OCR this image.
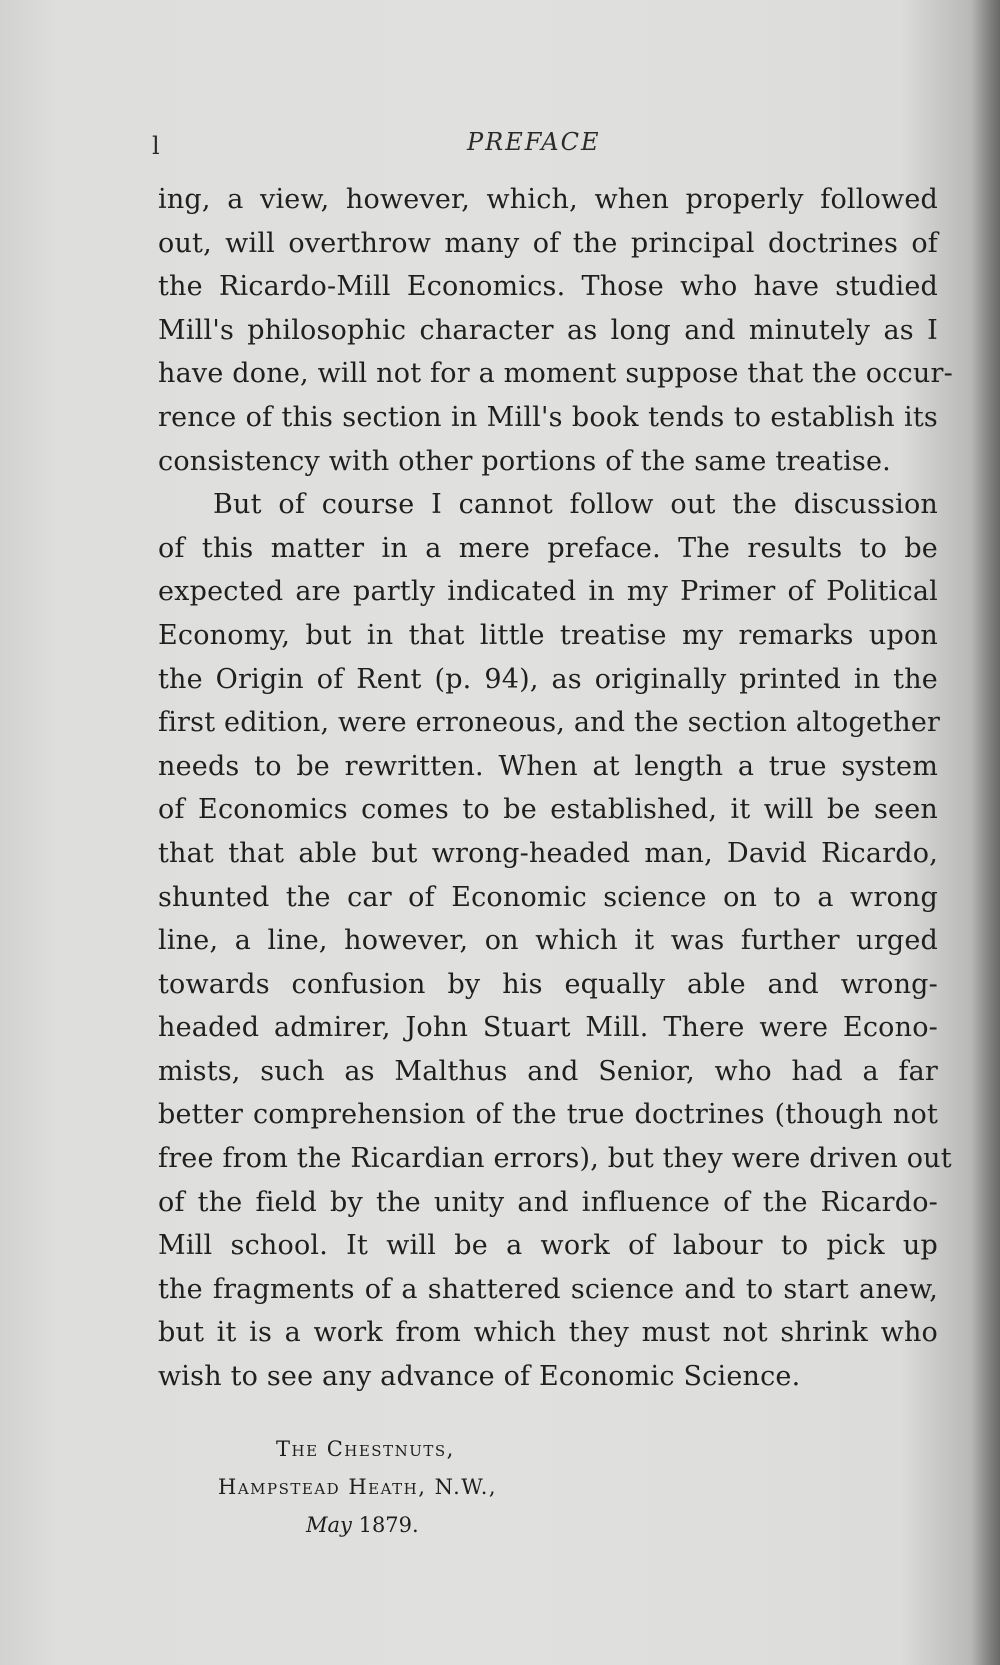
l	PREFACE
ing, a view, however, which, when properly followed
out, will overthrow many of the principal doctrines of
the Ricardo-Mill Economics. Those who have studied
Mill's philosophic character as long and minutely as I
have done, will not for a moment suppose that the occur-
rence of this section in Mill's book tends to establish its
consistency with other portions of the same treatise.
But of course I cannot follow out the discussion
of this matter in a mere preface. The results to be
expected are partly indicated in my Primer of Political
Economy, but in that little treatise my remarks upon
the Origin of Rent (p. 94), as originally printed in the
first edition, were erroneous, and the section altogether
needs to be rewritten. When at length a true system
of Economics comes to be established, it will be seen
that that able but wrong-headed man, David Ricardo,
shunted the car of Economic science on to a wrong
line, a line, however, on which it was further urged
towards confusion by his equally able and wrong-
headed admirer, John Stuart Mill. There were Econo-
mists, such as Malthus and Senior, who had a far
better comprehension of the true doctrines (though not
free from the Ricardian errors), but they were driven out
of the field by the unity and influence of the Ricardo-
Mill school. It will be a work of labour to pick up
the fragments of a shattered science and to start anew,
but it is a work from which they must not shrink who
wish to see any advance of Economic Science.
The Chestnuts,
Hampstead Heath, N.W.,
May 1879.
